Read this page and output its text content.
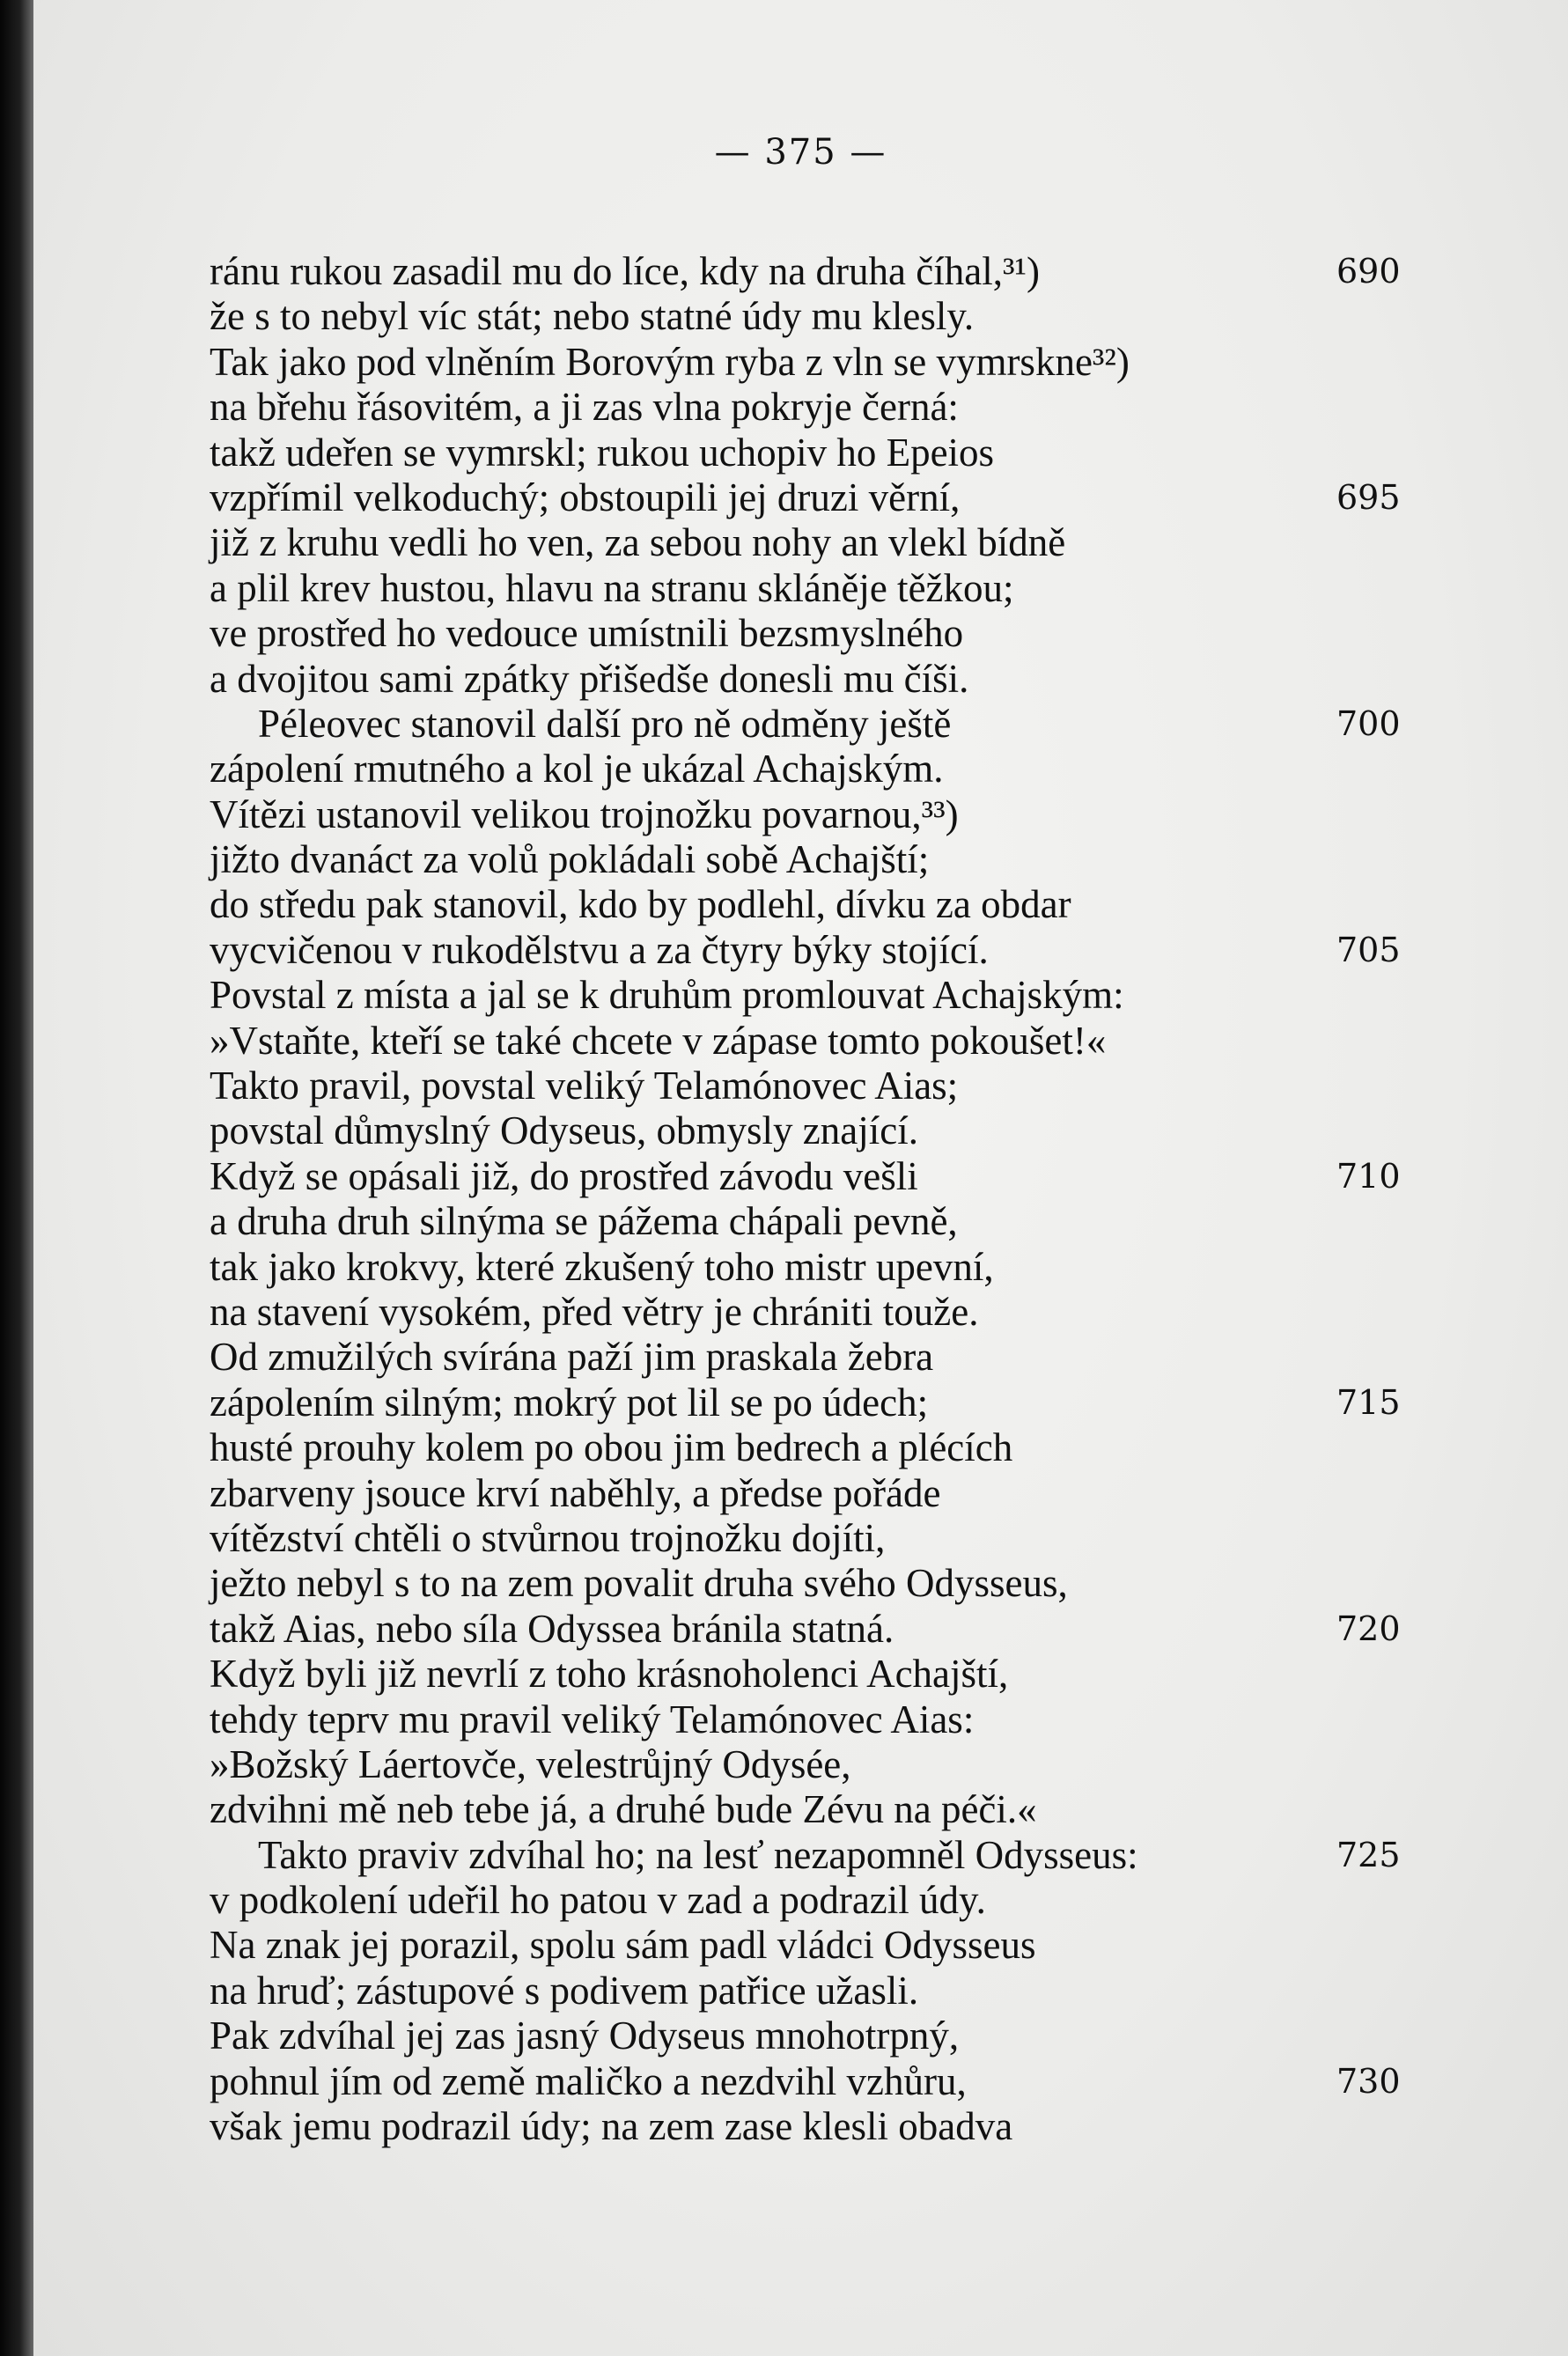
— 375 —
ránu rukou zasadil mu do líce, kdy na druha číhal,³¹)	690
že s to nebyl víc stát; nebo statné údy mu klesly.
Tak jako pod vlněním Borovým ryba z vln se vymrskne³²)
na břehu řásovitém, a ji zas vlna pokryje černá:
takž udeřen se vymrskl; rukou uchopiv ho Epeios
vzpřímil velkoduchý; obstoupili jej druzi věrní,	695
již z kruhu vedli ho ven, za sebou nohy an vlekl bídně
a plil krev hustou, hlavu na stranu skláněje těžkou;
ve prostřed ho vedouce umístnili bezsmyslného
a dvojitou sami zpátky přišedše donesli mu číši.
Péleovec stanovil další pro ně odměny ještě	700
zápolení rmutného a kol je ukázal Achajským.
Vítězi ustanovil velikou trojnožku povarnou,³³)
jižto dvanáct za volů pokládali sobě Achajští;
do středu pak stanovil, kdo by podlehl, dívku za obdar
vycvičenou v rukodělstvu a za čtyry býky stojící.	705
Povstal z místa a jal se k druhům promlouvat Achajským:
»Vstaňte, kteří se také chcete v zápase tomto pokoušet!«
Takto pravil, povstal veliký Telamónovec Aias;
povstal důmyslný Odyseus, obmysly znající.
Když se opásali již, do prostřed závodu vešli	710
a druha druh silnýma se pážema chápali pevně,
tak jako krokvy, které zkušený toho mistr upevní,
na stavení vysokém, před větry je chrániti touže.
Od zmužilých svírána paží jim praskala žebra
zápolením silným; mokrý pot lil se po údech;	715
husté prouhy kolem po obou jim bedrech a plécích
zbarveny jsouce krví naběhly, a předse pořáde
vítězství chtěli o stvůrnou trojnožku dojíti,
ježto nebyl s to na zem povalit druha svého Odysseus,
takž Aias, nebo síla Odyssea bránila statná.	720
Když byli již nevrlí z toho krásnoholenci Achajští,
tehdy teprv mu pravil veliký Telamónovec Aias:
»Božský Láertovče, velestrůjný Odysée,
zdvihni mě neb tebe já, a druhé bude Zévu na péči.«
Takto praviv zdvíhal ho; na lesť nezapomněl Odysseus:	725
v podkolení udeřil ho patou v zad a podrazil údy.
Na znak jej porazil, spolu sám padl vládci Odysseus
na hruď; zástupové s podivem patřice užasli.
Pak zdvíhal jej zas jasný Odyseus mnohotrpný,
pohnul jím od země maličko a nezdvihl vzhůru,	730
však jemu podrazil údy; na zem zase klesli obadva
